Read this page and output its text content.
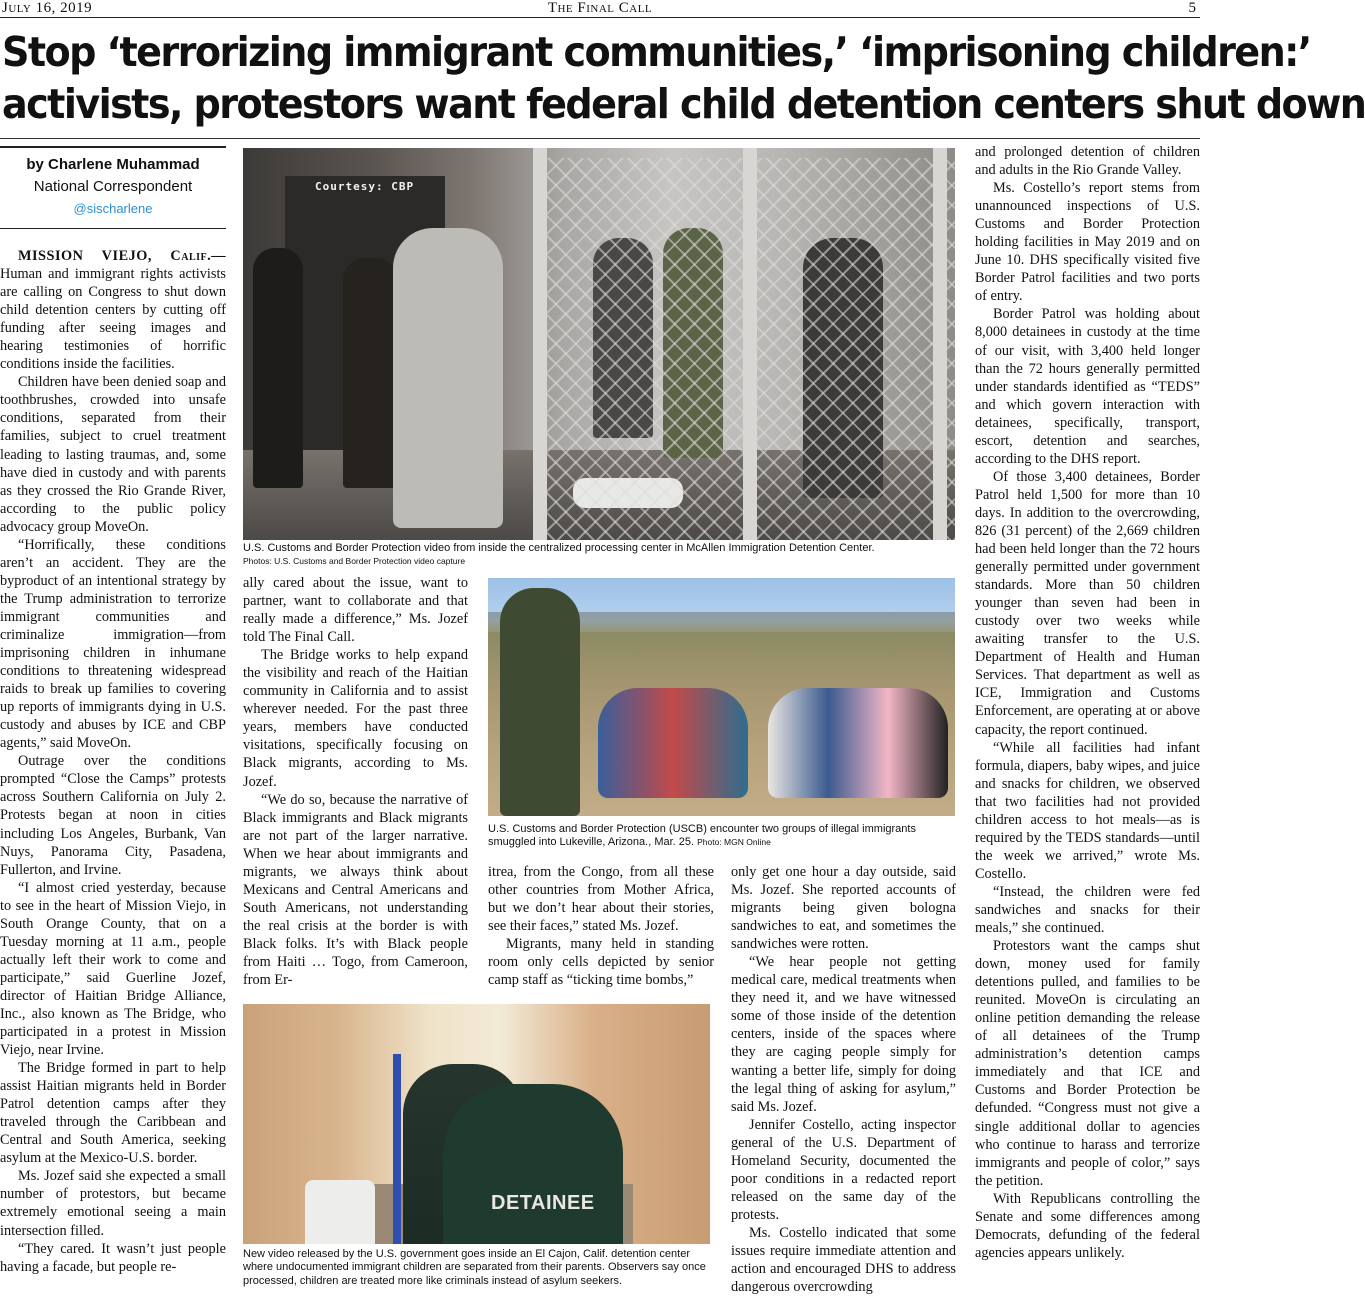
July 16, 2019	The Final Call	5
Stop ‘terrorizing immigrant communities,’ ‘imprisoning children:’
activists, protestors want federal child detention centers shut down
by Charlene Muhammad
National Correspondent
@sischarlene

MISSION VIEJO, Calif.— Human and immigrant rights activists are calling on Congress to shut down child detention centers by cutting off funding after seeing images and hearing testimonies of horrific conditions inside the facilities.

Children have been denied soap and toothbrushes, crowded into unsafe conditions, separated from their families, subject to cruel treatment leading to lasting traumas, and, some have died in custody and with parents as they crossed the Rio Grande River, according to the public policy advocacy group MoveOn.

“Horrifically, these conditions aren’t an accident. They are the byproduct of an intentional strategy by the Trump administration to terrorize immigrant communities and criminalize immigration—from imprisoning children in inhumane conditions to threatening widespread raids to break up families to covering up reports of immigrants dying in U.S. custody and abuses by ICE and CBP agents,” said MoveOn.

Outrage over the conditions prompted “Close the Camps” protests across Southern California on July 2. Protests began at noon in cities including Los Angeles, Burbank, Van Nuys, Panorama City, Pasadena, Fullerton, and Irvine.

“I almost cried yesterday, because to see in the heart of Mission Viejo, in South Orange County, that on a Tuesday morning at 11 a.m., people actually left their work to come and participate,” said Guerline Jozef, director of Haitian Bridge Alliance, Inc., also known as The Bridge, who participated in a protest in Mission Viejo, near Irvine.

The Bridge formed in part to help assist Haitian migrants held in Border Patrol detention camps after they traveled through the Caribbean and Central and South America, seeking asylum at the Mexico-U.S. border.

Ms. Jozef said she expected a small number of protestors, but became extremely emotional seeing a main intersection filled.

“They cared. It wasn’t just people having a facade, but people re-

Courtesy: CBP
U.S. Customs and Border Protection video from inside the centralized processing center in McAllen Immigration Detention Center.
Photos: U.S. Customs and Border Protection video capture

ally cared about the issue, want to partner, want to collaborate and that really made a difference,” Ms. Jozef told The Final Call.

The Bridge works to help expand the visibility and reach of the Haitian community in California and to assist wherever needed. For the past three years, members have conducted visitations, specifically focusing on Black migrants, according to Ms. Jozef.

“We do so, because the narrative of Black immigrants and Black migrants are not part of the larger narrative. When we hear about immigrants and migrants, we always think about Mexicans and Central Americans and South Americans, not understanding the real crisis at the border is with Black folks. It’s with Black people from Haiti … Togo, from Cameroon, from Er-

U.S. Customs and Border Protection (USCB) encounter two groups of illegal immigrants smuggled into Lukeville, Arizona., Mar. 25. Photo: MGN Online

itrea, from the Congo, from all these other countries from Mother Africa, but we don’t hear about their stories, see their faces,” stated Ms. Jozef.

Migrants, many held in standing room only cells depicted by senior camp staff as “ticking time bombs,”

DETAINEE
New video released by the U.S. government goes inside an El Cajon, Calif. detention center where undocumented immigrant children are separated from their parents. Observers say once processed, children are treated more like criminals instead of asylum seekers.

only get one hour a day outside, said Ms. Jozef. She reported accounts of migrants being given bologna sandwiches to eat, and sometimes the sandwiches were rotten.

“We hear people not getting medical care, medical treatments when they need it, and we have witnessed some of those inside of the detention centers, inside of the spaces where they are caging people simply for wanting a better life, simply for doing the legal thing of asking for asylum,” said Ms. Jozef.

Jennifer Costello, acting inspector general of the U.S. Department of Homeland Security, documented the poor conditions in a redacted report released on the same day of the protests.

Ms. Costello indicated that some issues require immediate attention and action and encouraged DHS to address dangerous overcrowding

and prolonged detention of children and adults in the Rio Grande Valley.

Ms. Costello’s report stems from unannounced inspections of U.S. Customs and Border Protection holding facilities in May 2019 and on June 10. DHS specifically visited five Border Patrol facilities and two ports of entry.

Border Patrol was holding about 8,000 detainees in custody at the time of our visit, with 3,400 held longer than the 72 hours generally permitted under standards identified as “TEDS” and which govern interaction with detainees, specifically, transport, escort, detention and searches, according to the DHS report.

Of those 3,400 detainees, Border Patrol held 1,500 for more than 10 days. In addition to the overcrowding, 826 (31 percent) of the 2,669 children had been held longer than the 72 hours generally permitted under government standards. More than 50 children younger than seven had been in custody over two weeks while awaiting transfer to the U.S. Department of Health and Human Services. That department as well as ICE, Immigration and Customs Enforcement, are operating at or above capacity, the report continued.

“While all facilities had infant formula, diapers, baby wipes, and juice and snacks for children, we observed that two facilities had not provided children access to hot meals—as is required by the TEDS standards—until the week we arrived,” wrote Ms. Costello.

“Instead, the children were fed sandwiches and snacks for their meals,” she continued.

Protestors want the camps shut down, money used for family detentions pulled, and families to be reunited. MoveOn is circulating an online petition demanding the release of all detainees of the Trump administration’s detention camps immediately and that ICE and Customs and Border Protection be defunded. “Congress must not give a single additional dollar to agencies who continue to harass and terrorize immigrants and people of color,” says the petition.

With Republicans controlling the Senate and some differences among Democrats, defunding of the federal agencies appears unlikely.
